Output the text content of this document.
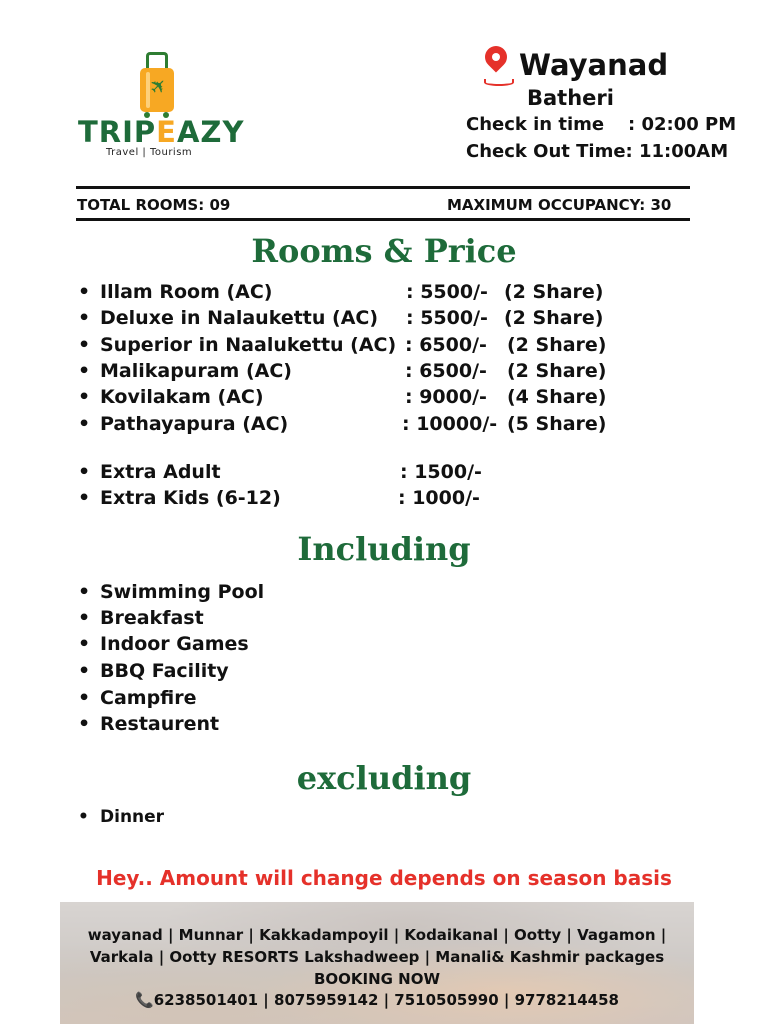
✈
TRIPEAZY
Travel | Tourism
Wayanad
Batheri
Check in time : 02:00 PM
Check Out Time: 11:00AM
TOTAL ROOMS: 09	MAXIMUM OCCUPANCY: 30
Rooms & Price
• Illam Room (AC)	: 5500/- (2 Share)
• Deluxe in Nalaukettu (AC) : 5500/- (2 Share)
• Superior in Naalukettu (AC) : 6500/- (2 Share)
• Malikapuram (AC)	: 6500/- (2 Share)
• Kovilakam (AC)	: 9000/- (4 Share)
• Pathayapura (AC)	: 10000/- (5 Share)
• Extra Adult	: 1500/-
• Extra Kids (6-12)	: 1000/-
Including
• Swimming Pool
• Breakfast
• Indoor Games
• BBQ Facility
• Campfire
• Restaurent
excluding
• Dinner
Hey.. Amount will change depends on season basis
wayanad | Munnar | Kakkadampoyil | Kodaikanal | Ootty | Vagamon |
Varkala | Ootty RESORTS Lakshadweep | Manali& Kashmir packages
BOOKING NOW
📞6238501401 | 8075959142 | 7510505990 | 9778214458
